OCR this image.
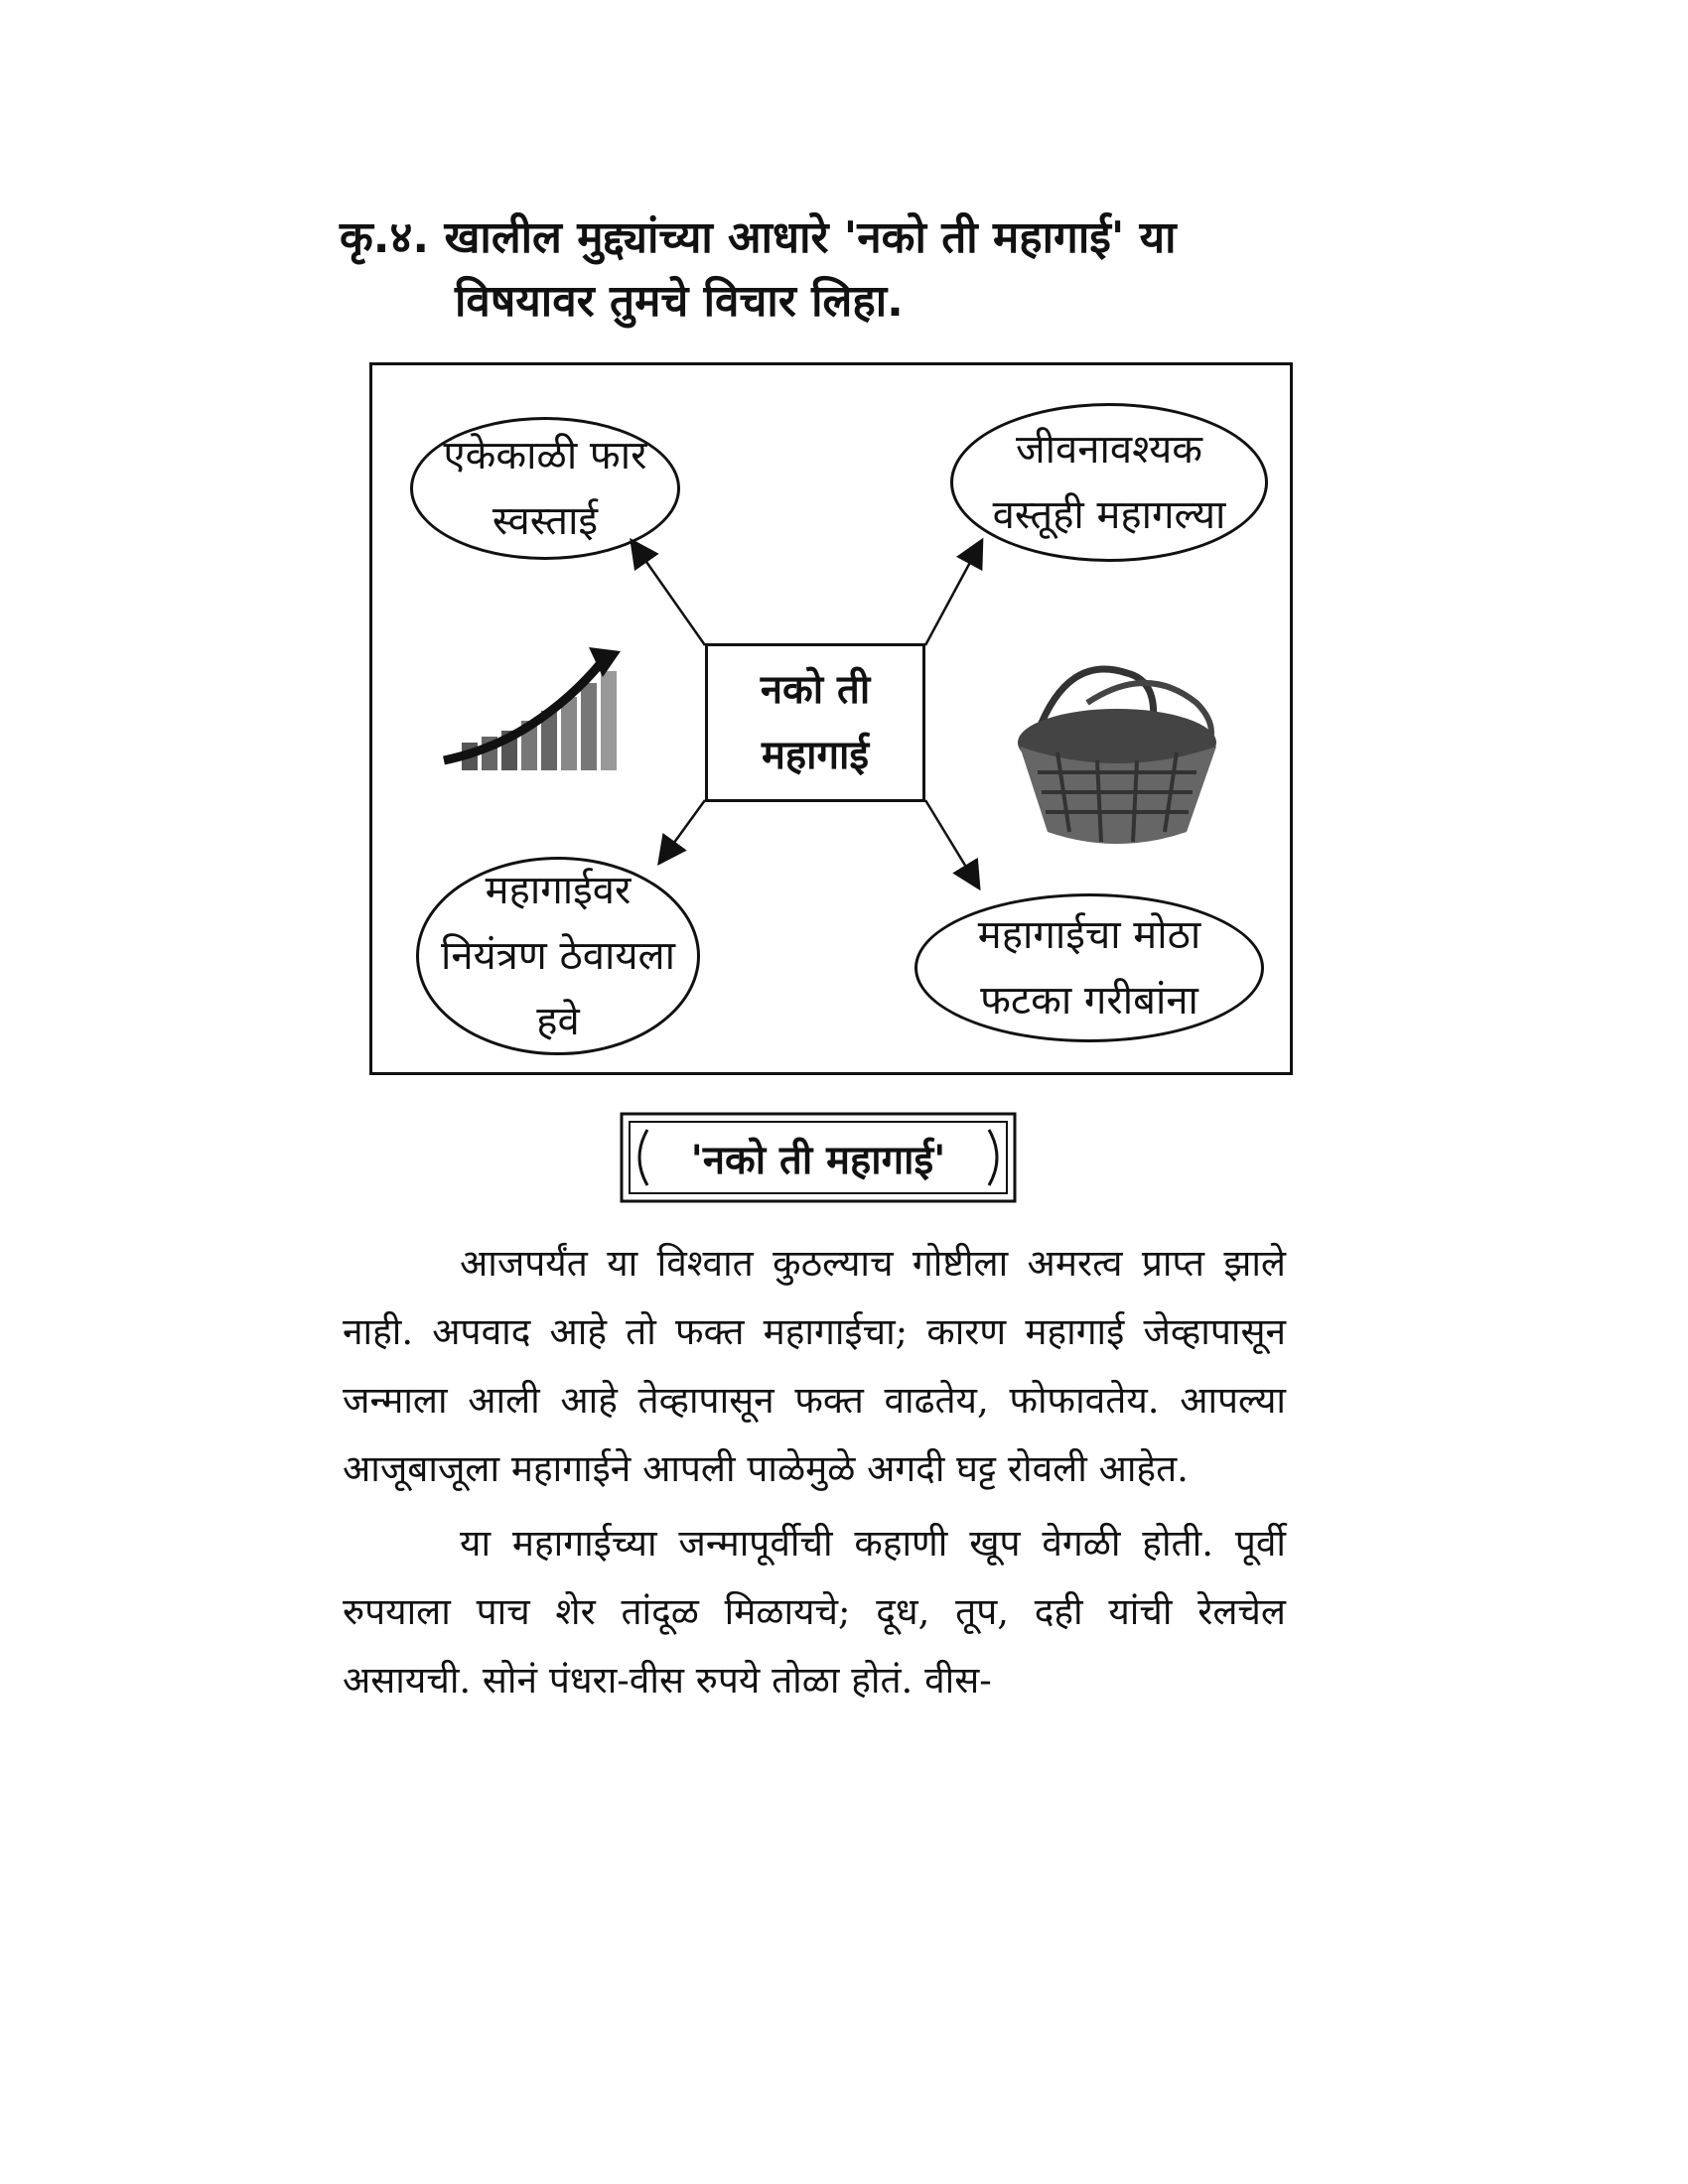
कृ.४. खालील मुद्द्यांच्या आधारे 'नको ती महागाई' या
विषयावर तुमचे विचार लिहा.
एकेकाळी फार
स्वस्ताई
जीवनावश्यक
वस्तूही महागल्या
नको ती
महागाई
महागाईवर
नियंत्रण ठेवायला
हवे
महागाईचा मोठा
फटका गरीबांना
'नको ती महागाई'

आजपर्यंत या विश्वात कुठल्याच गोष्टीला अमरत्व प्राप्त झाले नाही. अपवाद आहे तो फक्त महागाईचा; कारण महागाई जेव्हापासून जन्माला आली आहे तेव्हापासून फक्त वाढतेय, फोफावतेय. आपल्या आजूबाजूला महागाईने आपली पाळेमुळे अगदी घट्ट रोवली आहेत.

या महागाईच्या जन्मापूर्वीची कहाणी खूप वेगळी होती. पूर्वी रुपयाला पाच शेर तांदूळ मिळायचे; दूध, तूप, दही यांची रेलचेल असायची. सोनं पंधरा-वीस रुपये तोळा होतं. वीस-
